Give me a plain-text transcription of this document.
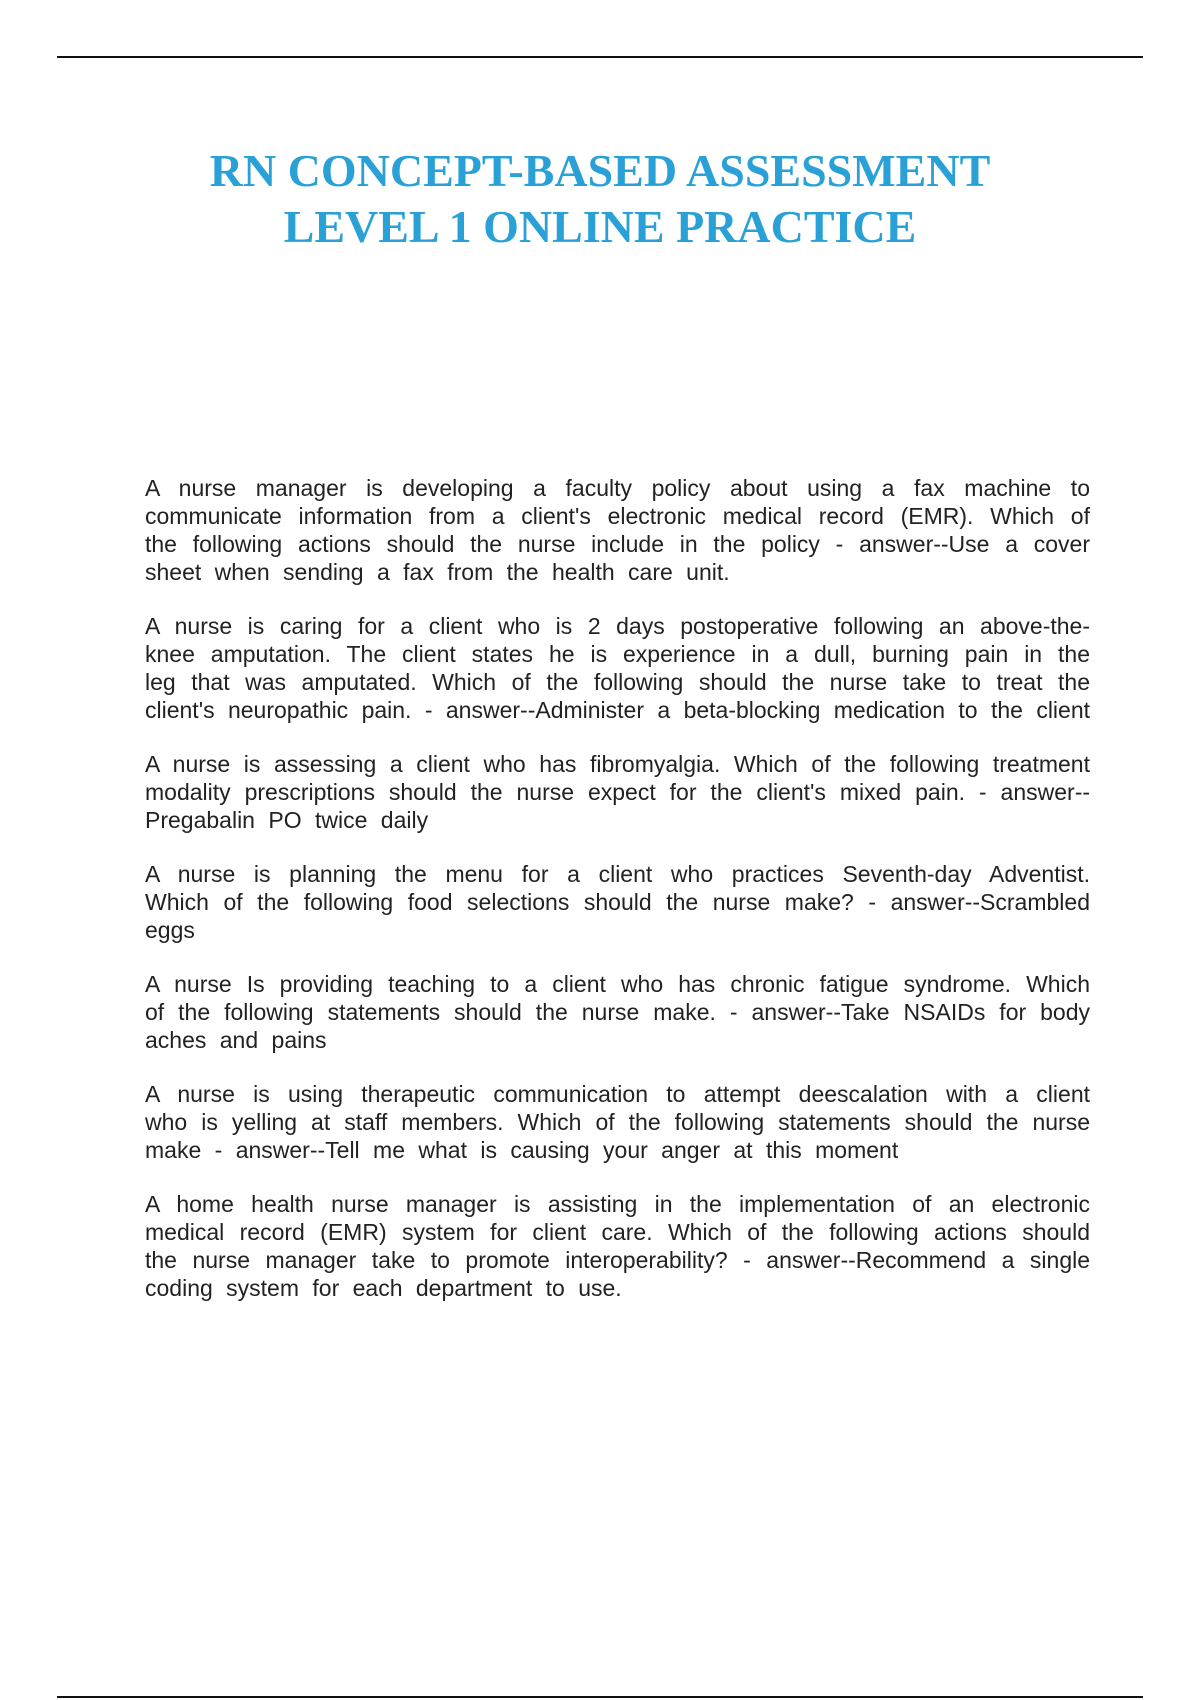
RN CONCEPT-BASED ASSESSMENT
LEVEL 1 ONLINE PRACTICE

A nurse manager is developing a faculty policy about using a fax machine to communicate information from a client's electronic medical record (EMR). Which of the following actions should the nurse include in the policy - answer--Use a cover sheet when sending a fax from the health care unit.

A nurse is caring for a client who is 2 days postoperative following an above-the-knee amputation. The client states he is experience in a dull, burning pain in the leg that was amputated. Which of the following should the nurse take to treat the client's neuropathic pain. - answer--Administer a beta-blocking medication to the client

A nurse is assessing a client who has fibromyalgia. Which of the following treatment modality prescriptions should the nurse expect for the client's mixed pain. - answer--Pregabalin PO twice daily

A nurse is planning the menu for a client who practices Seventh-day Adventist. Which of the following food selections should the nurse make? - answer--Scrambled eggs

A nurse Is providing teaching to a client who has chronic fatigue syndrome. Which of the following statements should the nurse make. - answer--Take NSAIDs for body aches and pains

A nurse is using therapeutic communication to attempt deescalation with a client who is yelling at staff members. Which of the following statements should the nurse make - answer--Tell me what is causing your anger at this moment

A home health nurse manager is assisting in the implementation of an electronic medical record (EMR) system for client care. Which of the following actions should the nurse manager take to promote interoperability? - answer--Recommend a single coding system for each department to use.
